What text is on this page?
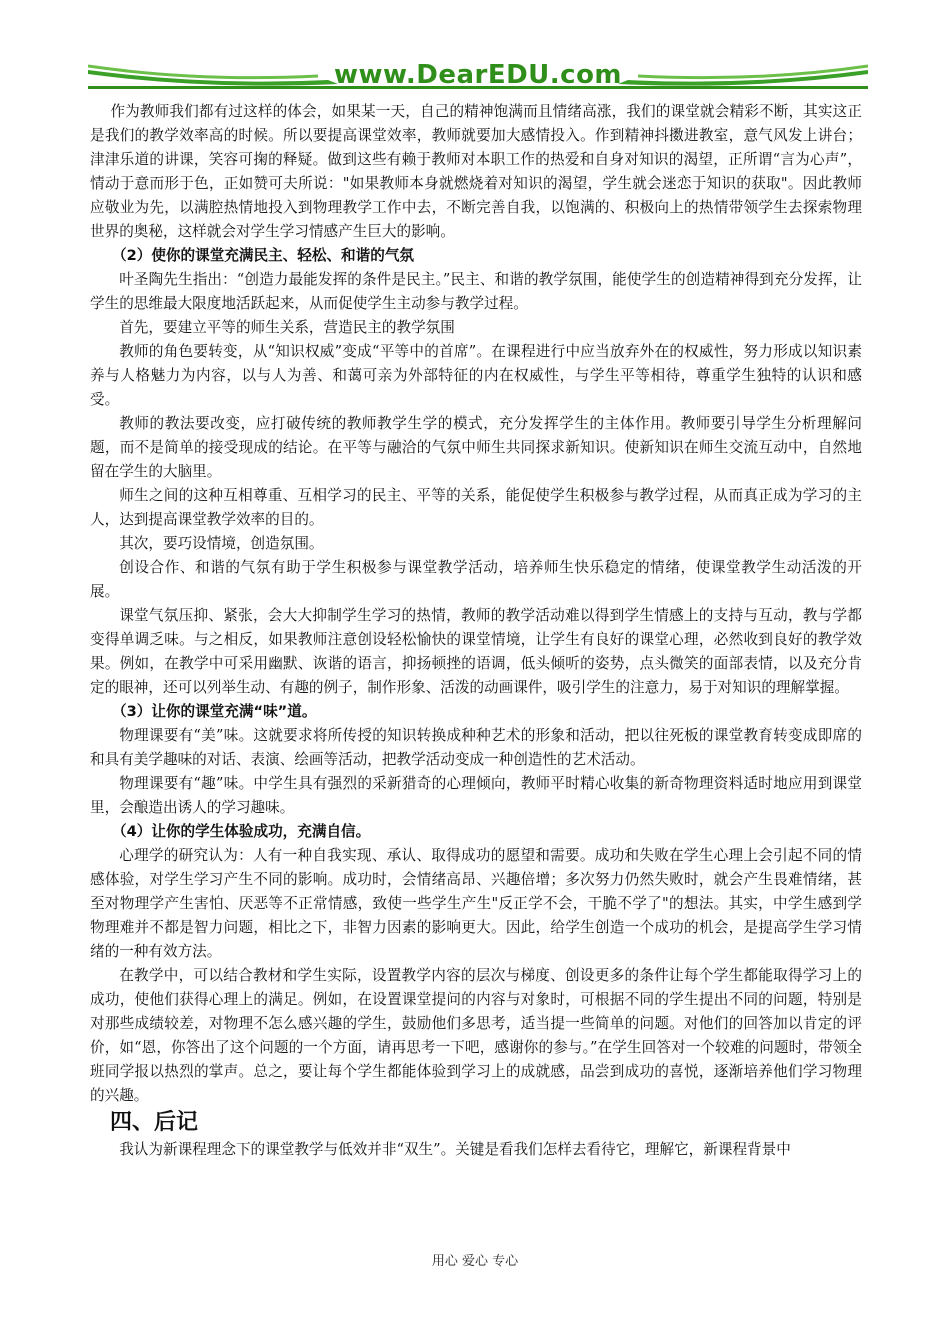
www.DearEDU.com

作为教师我们都有过这样的体会，如果某一天，自己的精神饱满而且情绪高涨，我们的课堂就会精彩不断，其实这正是我们的教学效率高的时候。所以要提高课堂效率，教师就要加大感情投入。作到精神抖擞进教室，意气风发上讲台；津津乐道的讲课，笑容可掬的释疑。做到这些有赖于教师对本职工作的热爱和自身对知识的渴望，正所谓“言为心声”，情动于意而形于色，正如赞可夫所说："如果教师本身就燃烧着对知识的渴望，学生就会迷恋于知识的获取"。因此教师应敬业为先，以满腔热情地投入到物理教学工作中去，不断完善自我，以饱满的、积极向上的热情带领学生去探索物理世界的奥秘，这样就会对学生学习情感产生巨大的影响。

（2）使你的课堂充满民主、轻松、和谐的气氛

叶圣陶先生指出：“创造力最能发挥的条件是民主。”民主、和谐的教学氛围，能使学生的创造精神得到充分发挥，让学生的思维最大限度地活跃起来，从而促使学生主动参与教学过程。

首先，要建立平等的师生关系，营造民主的教学氛围

教师的角色要转变，从“知识权威”变成“平等中的首席”。在课程进行中应当放弃外在的权威性，努力形成以知识素养与人格魅力为内容，以与人为善、和蔼可亲为外部特征的内在权威性，与学生平等相待，尊重学生独特的认识和感受。

教师的教法要改变，应打破传统的教师教学生学的模式，充分发挥学生的主体作用。教师要引导学生分析理解问题，而不是简单的接受现成的结论。在平等与融洽的气氛中师生共同探求新知识。使新知识在师生交流互动中，自然地留在学生的大脑里。

师生之间的这种互相尊重、互相学习的民主、平等的关系，能促使学生积极参与教学过程，从而真正成为学习的主人，达到提高课堂教学效率的目的。

其次，要巧设情境，创造氛围。

创设合作、和谐的气氛有助于学生积极参与课堂教学活动，培养师生快乐稳定的情绪，使课堂教学生动活泼的开展。

课堂气氛压抑、紧张，会大大抑制学生学习的热情，教师的教学活动难以得到学生情感上的支持与互动，教与学都变得单调乏味。与之相反，如果教师注意创设轻松愉快的课堂情境，让学生有良好的课堂心理，必然收到良好的教学效果。例如，在教学中可采用幽默、诙谐的语言，抑扬顿挫的语调，低头倾听的姿势，点头微笑的面部表情，以及充分肯定的眼神，还可以列举生动、有趣的例子，制作形象、活泼的动画课件，吸引学生的注意力，易于对知识的理解掌握。

（3）让你的课堂充满“味”道。

物理课要有“美”味。这就要求将所传授的知识转换成种种艺术的形象和活动，把以往死板的课堂教育转变成即席的和具有美学趣味的对话、表演、绘画等活动，把教学活动变成一种创造性的艺术活动。

物理课要有“趣”味。中学生具有强烈的采新猎奇的心理倾向，教师平时精心收集的新奇物理资料适时地应用到课堂里，会酿造出诱人的学习趣味。

（4）让你的学生体验成功，充满自信。

心理学的研究认为：人有一种自我实现、承认、取得成功的愿望和需要。成功和失败在学生心理上会引起不同的情感体验，对学生学习产生不同的影响。成功时，会情绪高昂、兴趣倍增；多次努力仍然失败时，就会产生畏难情绪，甚至对物理学产生害怕、厌恶等不正常情感，致使一些学生产生"反正学不会，干脆不学了"的想法。其实，中学生感到学物理难并不都是智力问题，相比之下，非智力因素的影响更大。因此，给学生创造一个成功的机会，是提高学生学习情绪的一种有效方法。

在教学中，可以结合教材和学生实际，设置教学内容的层次与梯度、创设更多的条件让每个学生都能取得学习上的成功，使他们获得心理上的满足。例如，在设置课堂提问的内容与对象时，可根据不同的学生提出不同的问题，特别是对那些成绩较差，对物理不怎么感兴趣的学生，鼓励他们多思考，适当提一些简单的问题。对他们的回答加以肯定的评价，如“恩，你答出了这个问题的一个方面，请再思考一下吧，感谢你的参与。”在学生回答对一个较难的问题时，带领全班同学报以热烈的掌声。总之，要让每个学生都能体验到学习上的成就感，品尝到成功的喜悦，逐渐培养他们学习物理的兴趣。

四、后记

我认为新课程理念下的课堂教学与低效并非“双生”。关键是看我们怎样去看待它，理解它，新课程背景中

用心 爱心 专心
